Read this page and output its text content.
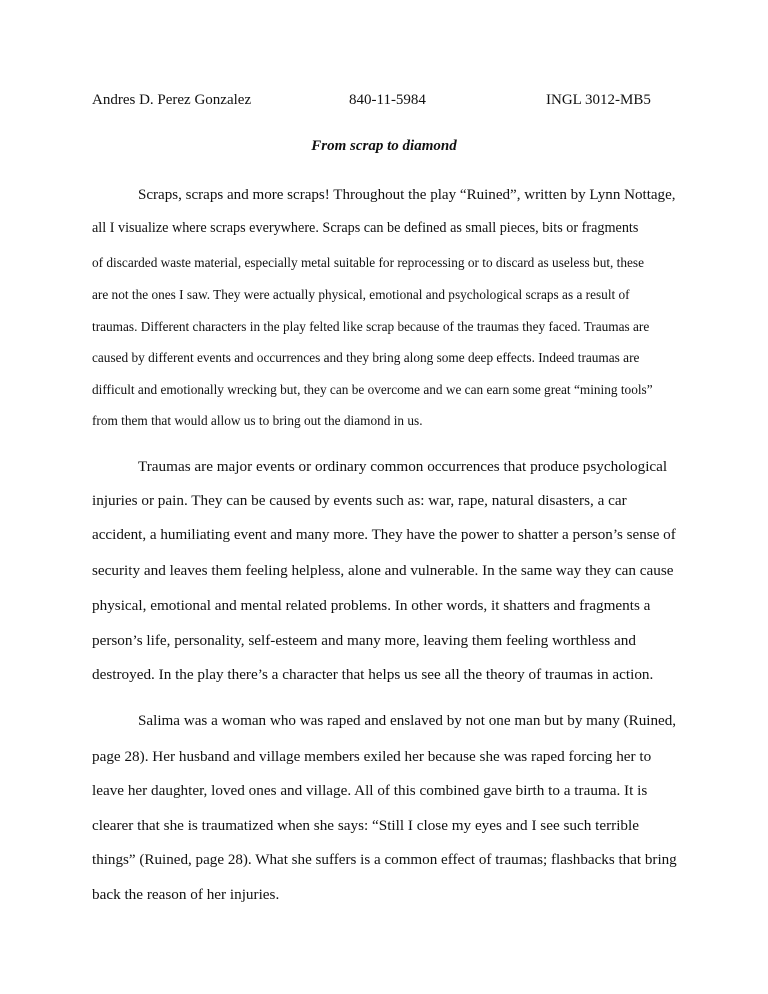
Andres D. Perez Gonzalez	840-11-5984	INGL 3012-MB5
From scrap to diamond
Scraps, scraps and more scraps! Throughout the play “Ruined”, written by Lynn Nottage,
all I visualize where scraps everywhere. Scraps can be defined as small pieces, bits or fragments
of discarded waste material, especially metal suitable for reprocessing or to discard as useless but, these
are not the ones I saw. They were actually physical, emotional and psychological scraps as a result of
traumas. Different characters in the play felted like scrap because of the traumas they faced. Traumas are
caused by different events and occurrences and they bring along some deep effects. Indeed traumas are
difficult and emotionally wrecking but, they can be overcome and we can earn some great “mining tools”
from them that would allow us to bring out the diamond in us.
Traumas are major events or ordinary common occurrences that produce psychological
injuries or pain. They can be caused by events such as: war, rape, natural disasters, a car
accident, a humiliating event and many more. They have the power to shatter a person’s sense of
security and leaves them feeling helpless, alone and vulnerable. In the same way they can cause
physical, emotional and mental related problems. In other words, it shatters and fragments a
person’s life, personality, self-esteem and many more, leaving them feeling worthless and
destroyed. In the play there’s a character that helps us see all the theory of traumas in action.
Salima was a woman who was raped and enslaved by not one man but by many (Ruined,
page 28). Her husband and village members exiled her because she was raped forcing her to
leave her daughter, loved ones and village. All of this combined gave birth to a trauma. It is
clearer that she is traumatized when she says: “Still I close my eyes and I see such terrible
things” (Ruined, page 28). What she suffers is a common effect of traumas; flashbacks that bring
back the reason of her injuries.
